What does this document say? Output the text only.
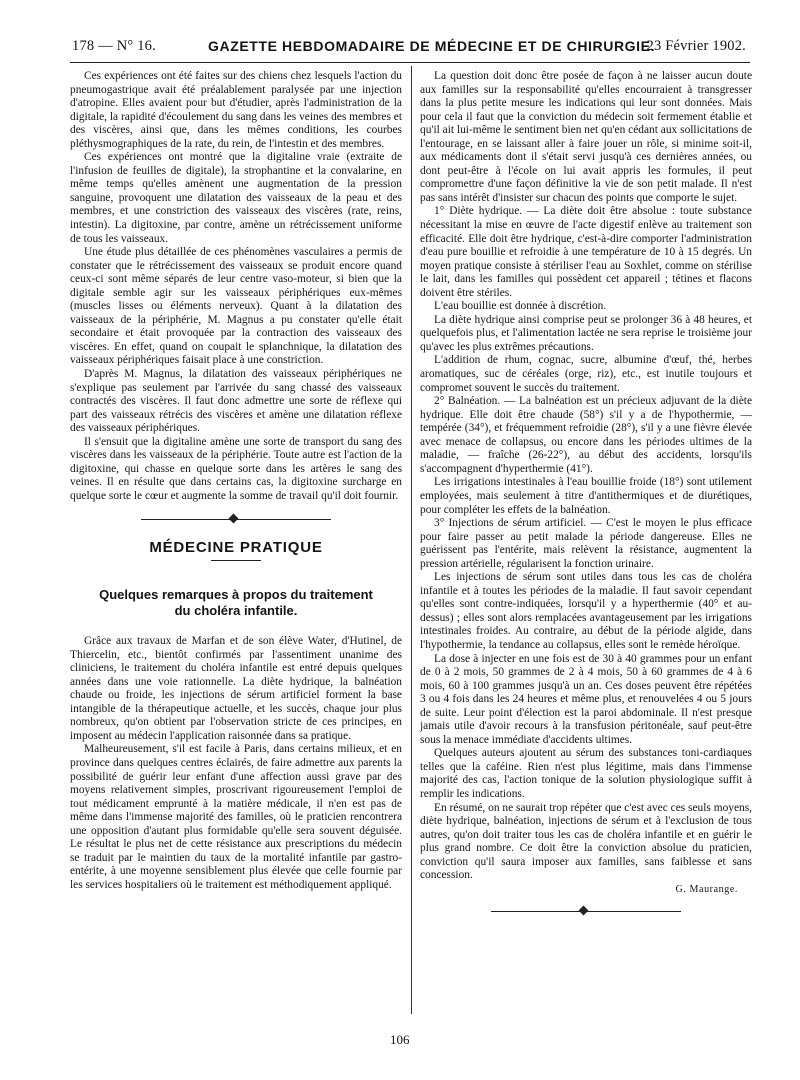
178 — N° 16.	GAZETTE HEBDOMADAIRE DE MÉDECINE ET DE CHIRURGIE.
23 Février 1902.

Ces expériences ont été faites sur des chiens chez lesquels l'action du pneumogastrique avait été préalablement paralysée par une injection d'atropine. Elles avaient pour but d'étudier, après l'administration de la digitale, la rapidité d'écoulement du sang dans les veines des membres et des viscères, ainsi que, dans les mêmes conditions, les courbes pléthysmographiques de la rate, du rein, de l'intestin et des membres.

Ces expériences ont montré que la digitaline vraie (extraite de l'infusion de feuilles de digitale), la strophantine et la convalarine, en même temps qu'elles amènent une augmentation de la pression sanguine, provoquent une dilatation des vaisseaux de la peau et des membres, et une constriction des vaisseaux des viscères (rate, reins, intestin). La digitoxine, par contre, amène un rétrécissement uniforme de tous les vaisseaux.

Une étude plus détaillée de ces phénomènes vasculaires a permis de constater que le rétrécissement des vaisseaux se produit encore quand ceux-ci sont même séparés de leur centre vaso-moteur, si bien que la digitale semble agir sur les vaisseaux périphériques eux-mêmes (muscles lisses ou éléments nerveux). Quant à la dilatation des vaisseaux de la périphérie, M. Magnus a pu constater qu'elle était secondaire et était provoquée par la contraction des vaisseaux des viscères. En effet, quand on coupait le splanchnique, la dilatation des vaisseaux périphériques faisait place à une constriction.

D'après M. Magnus, la dilatation des vaisseaux périphériques ne s'explique pas seulement par l'arrivée du sang chassé des vaisseaux contractés des viscères. Il faut donc admettre une sorte de réflexe qui part des vaisseaux rétrécis des viscères et amène une dilatation réflexe des vaisseaux périphériques.

Il s'ensuit que la digitaline amène une sorte de transport du sang des viscères dans les vaisseaux de la périphérie. Toute autre est l'action de la digitoxine, qui chasse en quelque sorte dans les artères le sang des veines. Il en résulte que dans certains cas, la digitoxine surcharge en quelque sorte le cœur et augmente la somme de travail qu'il doit fournir.

MÉDECINE PRATIQUE
Quelques remarques à propos du traitement
du choléra infantile.

Grâce aux travaux de Marfan et de son élève Water, d'Hutinel, de Thiercelin, etc., bientôt confirmés par l'assentiment unanime des cliniciens, le traitement du choléra infantile est entré depuis quelques années dans une voie rationnelle. La diète hydrique, la balnéation chaude ou froide, les injections de sérum artificiel forment la base intangible de la thérapeutique actuelle, et les succès, chaque jour plus nombreux, qu'on obtient par l'observation stricte de ces principes, en imposent au médecin l'application raisonnée dans sa pratique.

Malheureusement, s'il est facile à Paris, dans certains milieux, et en province dans quelques centres éclairés, de faire admettre aux parents la possibilité de guérir leur enfant d'une affection aussi grave par des moyens relativement simples, proscrivant rigoureusement l'emploi de tout médicament emprunté à la matière médicale, il n'en est pas de même dans l'immense majorité des familles, où le praticien rencontrera une opposition d'autant plus formidable qu'elle sera souvent déguisée. Le résultat le plus net de cette résistance aux prescriptions du médecin se traduit par le maintien du taux de la mortalité infantile par gastro-entérite, à une moyenne sensiblement plus élevée que celle fournie par les services hospitaliers où le traitement est méthodiquement appliqué.

La question doit donc être posée de façon à ne laisser aucun doute aux familles sur la responsabilité qu'elles encourraient à transgresser dans la plus petite mesure les indications qui leur sont données. Mais pour cela il faut que la conviction du médecin soit fermement établie et qu'il ait lui-même le sentiment bien net qu'en cédant aux sollicitations de l'entourage, en se laissant aller à faire jouer un rôle, si minime soit-il, aux médicaments dont il s'était servi jusqu'à ces dernières années, ou dont peut-être à l'école on lui avait appris les formules, il peut compromettre d'une façon définitive la vie de son petit malade. Il n'est pas sans intérêt d'insister sur chacun des points que comporte le sujet.

1° Diète hydrique. — La diète doit être absolue : toute substance nécessitant la mise en œuvre de l'acte digestif enlève au traitement son efficacité. Elle doit être hydrique, c'est-à-dire comporter l'administration d'eau pure bouillie et refroidie à une température de 10 à 15 degrés. Un moyen pratique consiste à stériliser l'eau au Soxhlet, comme on stérilise le lait, dans les familles qui possèdent cet appareil ; tétines et flacons doivent être stériles.

L'eau bouillie est donnée à discrétion.

La diète hydrique ainsi comprise peut se prolonger 36 à 48 heures, et quelquefois plus, et l'alimentation lactée ne sera reprise le troisième jour qu'avec les plus extrêmes précautions.

L'addition de rhum, cognac, sucre, albumine d'œuf, thé, herbes aromatiques, suc de céréales (orge, riz), etc., est inutile toujours et compromet souvent le succès du traitement.

2° Balnéation. — La balnéation est un précieux adjuvant de la diète hydrique. Elle doit être chaude (58°) s'il y a de l'hypothermie, — tempérée (34°), et fréquemment refroidie (28°), s'il y a une fièvre élevée avec menace de collapsus, ou encore dans les périodes ultimes de la maladie, — fraîche (26-22°), au début des accidents, lorsqu'ils s'accompagnent d'hyperthermie (41°).

Les irrigations intestinales à l'eau bouillie froide (18°) sont utilement employées, mais seulement à titre d'antithermiques et de diurétiques, pour compléter les effets de la balnéation.

3° Injections de sérum artificiel. — C'est le moyen le plus efficace pour faire passer au petit malade la période dangereuse. Elles ne guérissent pas l'entérite, mais relèvent la résistance, augmentent la pression artérielle, régularisent la fonction urinaire.

Les injections de sérum sont utiles dans tous les cas de choléra infantile et à toutes les périodes de la maladie. Il faut savoir cependant qu'elles sont contre-indiquées, lorsqu'il y a hyperthermie (40° et au-dessus) ; elles sont alors remplacées avantageusement par les irrigations intestinales froides. Au contraire, au début de la période algide, dans l'hypothermie, la tendance au collapsus, elles sont le remède héroïque.

La dose à injecter en une fois est de 30 à 40 grammes pour un enfant de 0 à 2 mois, 50 grammes de 2 à 4 mois, 50 à 60 grammes de 4 à 6 mois, 60 à 100 grammes jusqu'à un an. Ces doses peuvent être répétées 3 ou 4 fois dans les 24 heures et même plus, et renouvelées 4 ou 5 jours de suite. Leur point d'élection est la paroi abdominale. Il n'est presque jamais utile d'avoir recours à la transfusion péritonéale, sauf peut-être sous la menace immédiate d'accidents ultimes.

Quelques auteurs ajoutent au sérum des substances toni-cardiaques telles que la caféine. Rien n'est plus légitime, mais dans l'immense majorité des cas, l'action tonique de la solution physiologique suffit à remplir les indications.

En résumé, on ne saurait trop répéter que c'est avec ces seuls moyens, diète hydrique, balnéation, injections de sérum et à l'exclusion de tous autres, qu'on doit traiter tous les cas de choléra infantile et en guérir le plus grand nombre. Ce doit être la conviction absolue du praticien, conviction qu'il saura imposer aux familles, sans faiblesse et sans concession.

G. Maurange.
106
